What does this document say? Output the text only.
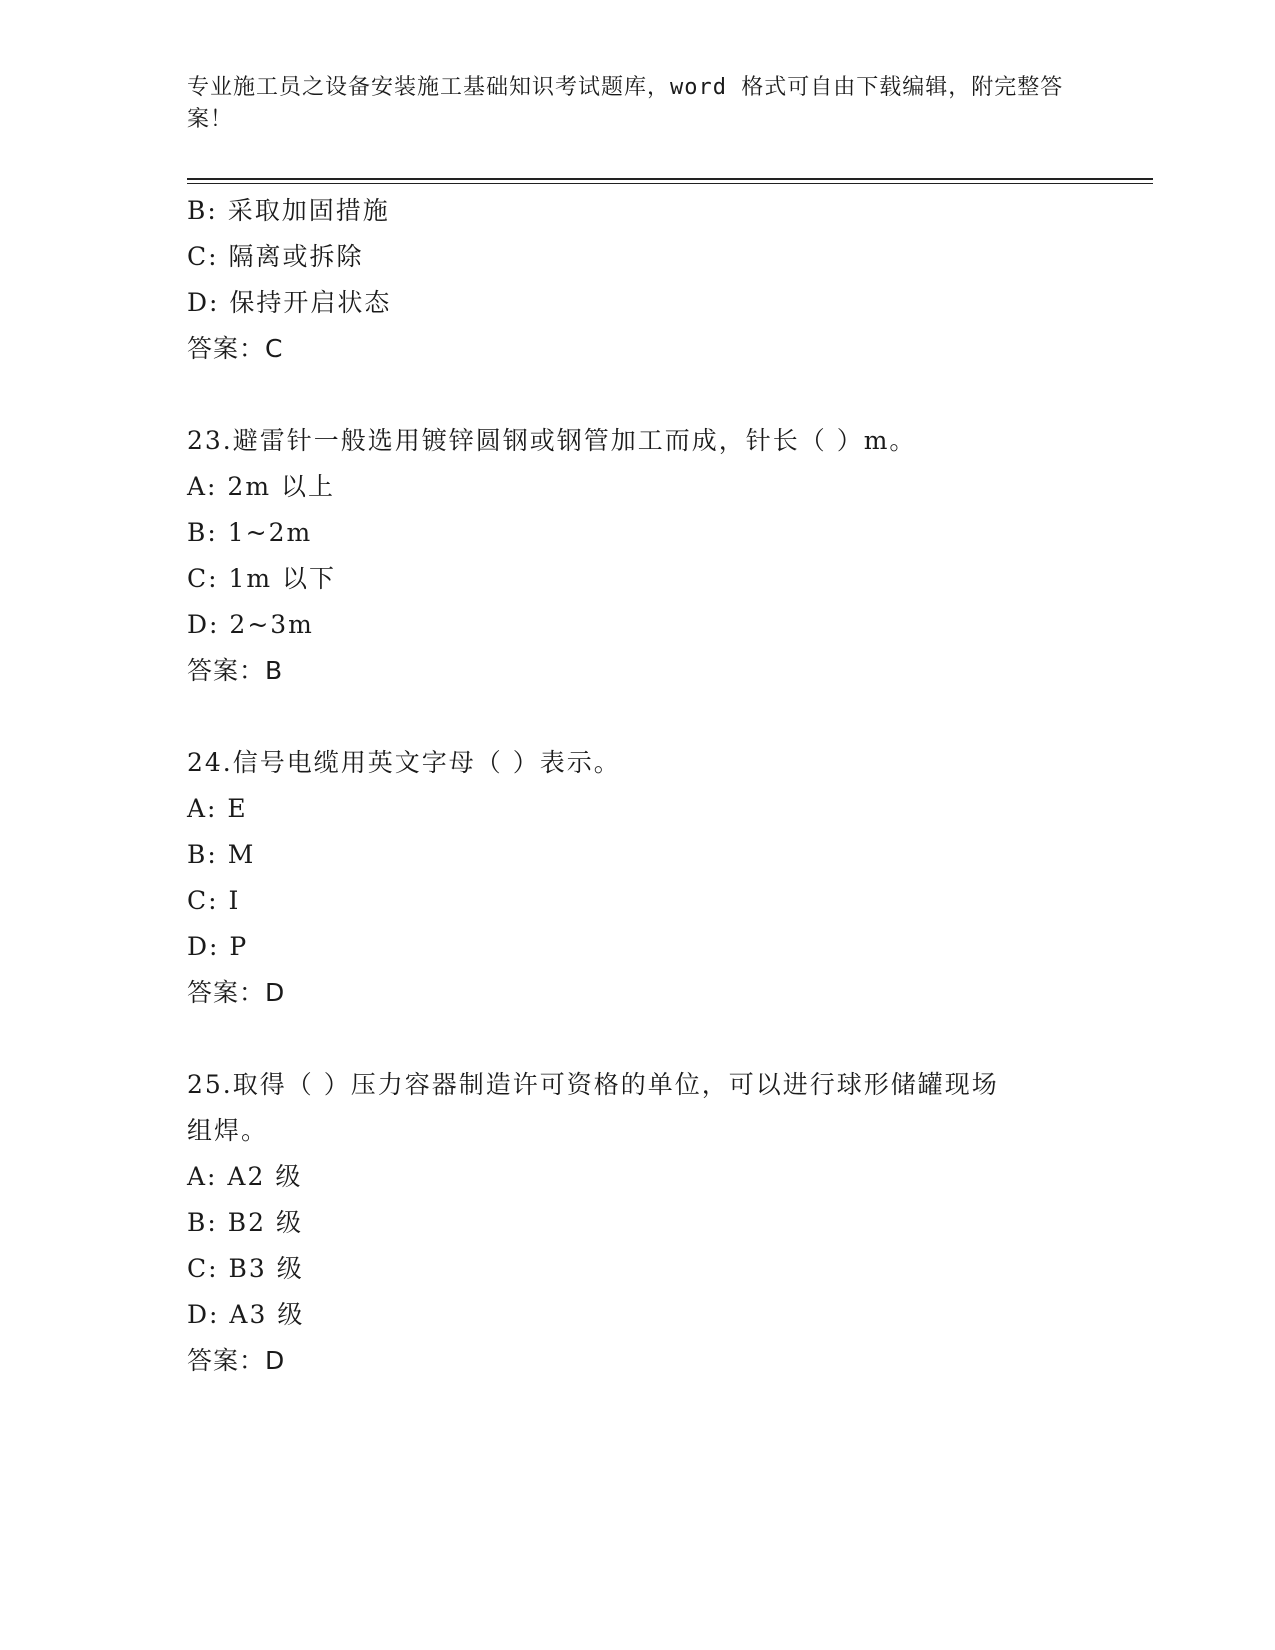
专业施工员之设备安装施工基础知识考试题库，word 格式可自由下载编辑，附完整答案！
B: 采取加固措施
C: 隔离或拆除
D: 保持开启状态
答案：C
23.避雷针一般选用镀锌圆钢或钢管加工而成，针长（ ）m。
A: 2m 以上
B: 1~2m
C: 1m 以下
D: 2~3m
答案：B
24.信号电缆用英文字母（ ）表示。
A: E
B: M
C: I
D: P
答案：D
25.取得（ ）压力容器制造许可资格的单位，可以进行球形储罐现场
组焊。
A: A2 级
B: B2 级
C: B3 级
D: A3 级
答案：D
